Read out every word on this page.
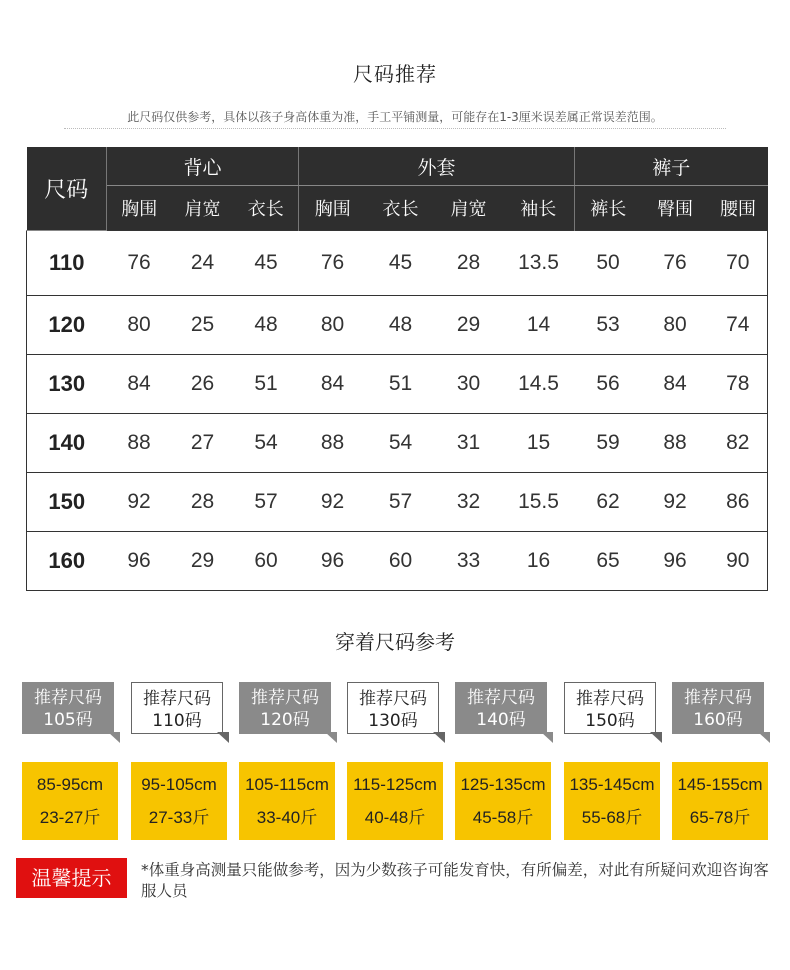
尺码推荐
此尺码仅供参考，具体以孩子身高体重为准，手工平铺测量，可能存在1-3厘米误差属正常误差范围。
尺码	背心			外套				裤子		
	胸围	肩宽	衣长	胸围	衣长	肩宽	袖长	裤长	臀围	腰围
110	76	24	45	76	45	28	13.5	50	76	70
120	80	25	48	80	48	29	14	53	80	74
130	84	26	51	84	51	30	14.5	56	84	78
140	88	27	54	88	54	31	15	59	88	82
150	92	28	57	92	57	32	15.5	62	92	86
160	96	29	60	96	60	33	16	65	96	90
穿着尺码参考
推荐尺码
105码
85-95cm
23-27斤
推荐尺码
110码
95-105cm
27-33斤
推荐尺码
120码
105-115cm
33-40斤
推荐尺码
130码
115-125cm
40-48斤
推荐尺码
140码
125-135cm
45-58斤
推荐尺码
150码
135-145cm
55-68斤
推荐尺码
160码
145-155cm
65-78斤
温馨提示	*体重身高测量只能做参考，因为少数孩子可能发育快，有所偏差，对此有所疑问欢迎咨询客服人员
